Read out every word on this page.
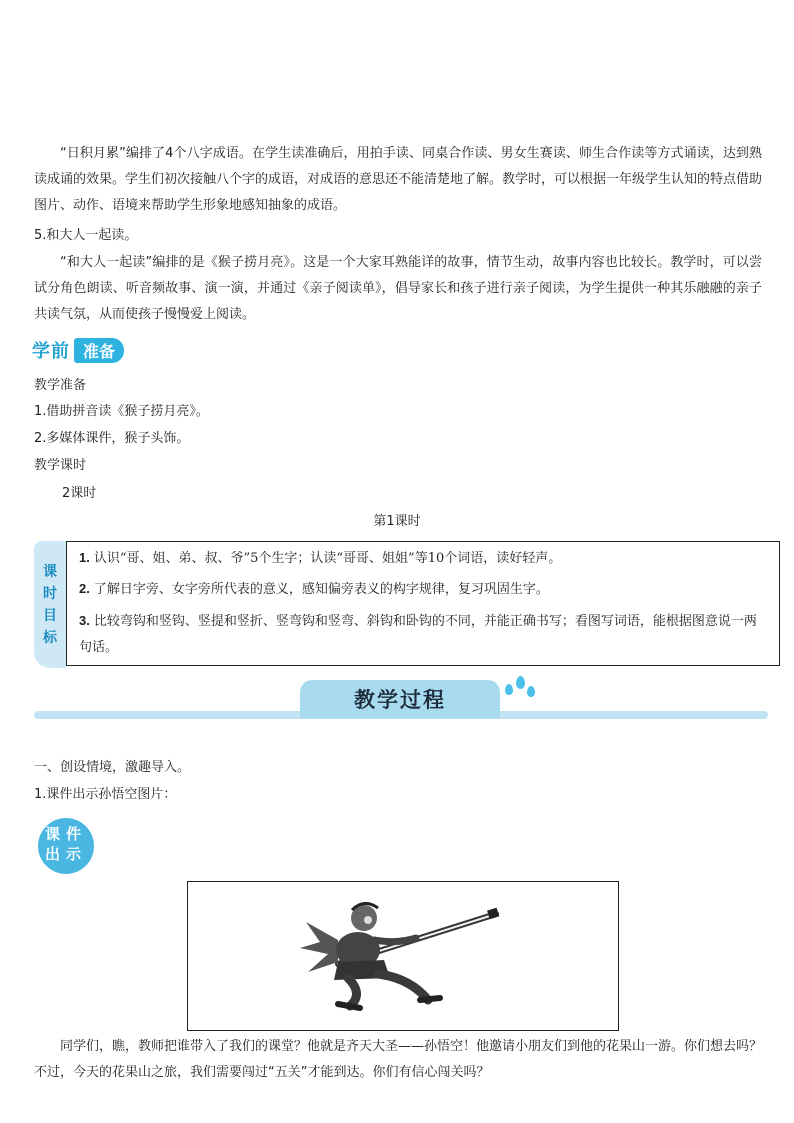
“日积月累”编排了4个八字成语。在学生读准确后，用拍手读、同桌合作读、男女生赛读、师生合作读等方式诵读，达到熟读成诵的效果。学生们初次接触八个字的成语，对成语的意思还不能清楚地了解。教学时，可以根据一年级学生认知的特点借助图片、动作、语境来帮助学生形象地感知抽象的成语。
5.和大人一起读。
“和大人一起读”编排的是《猴子捞月亮》。这是一个大家耳熟能详的故事，情节生动，故事内容也比较长。教学时，可以尝试分角色朗读、听音频故事、演一演，并通过《亲子阅读单》，倡导家长和孩子进行亲子阅读，为学生提供一种其乐融融的亲子共读气氛，从而使孩子慢慢爱上阅读。
学前 准备
教学准备
1.借助拼音读《猴子捞月亮》。
2.多媒体课件，猴子头饰。
教学课时
2课时
第1课时
课
时
目
标
1. 认识“哥、姐、弟、叔、爷”5个生字；认读“哥哥、姐姐”等10个词语，读好轻声。
2. 了解日字旁、女字旁所代表的意义，感知偏旁表义的构字规律，复习巩固生字。
3. 比较弯钩和竖钩、竖提和竖折、竖弯钩和竖弯、斜钩和卧钩的不同，并能正确书写；看图写词语，能根据图意说一两句话。
教学过程
一、创设情境，激趣导入。
1.课件出示孙悟空图片：
课件出示
同学们，瞧，教师把谁带入了我们的课堂？他就是齐天大圣——孙悟空！他邀请小朋友们到他的花果山一游。你们想去吗？不过，今天的花果山之旅，我们需要闯过“五关”才能到达。你们有信心闯关吗？
